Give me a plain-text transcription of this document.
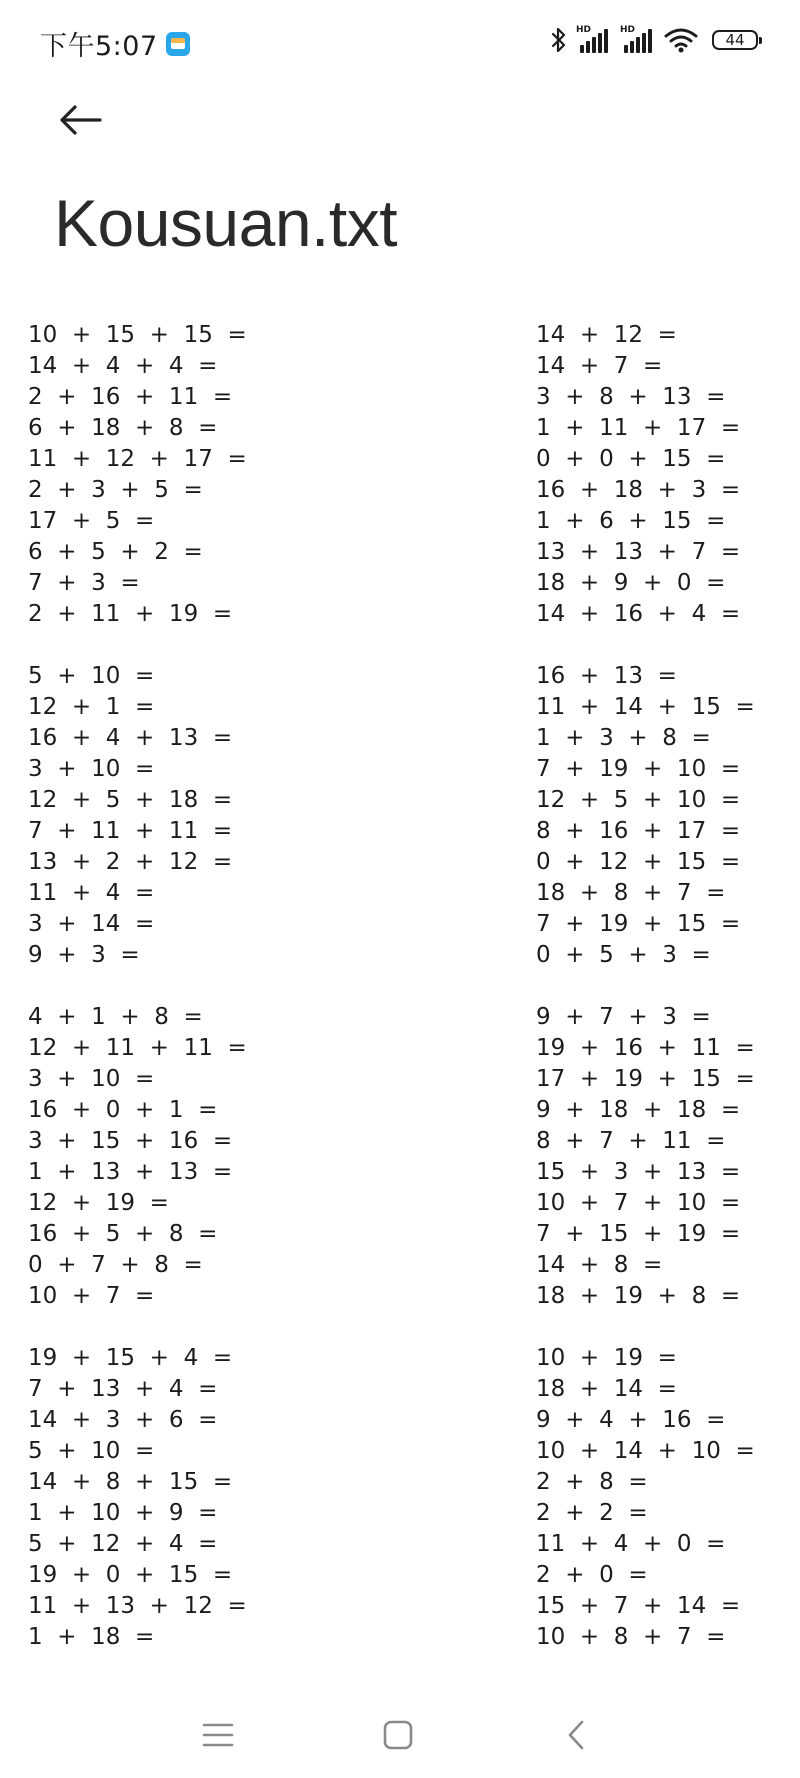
下午5:07
HD	HD
44
Kousuan.txt
10  +  15  +  15  =
14  +  4  +  4  =
2  +  16  +  11  =
6  +  18  +  8  =
11  +  12  +  17  =
2  +  3  +  5  =
17  +  5  =
6  +  5  +  2  =
7  +  3  =
2  +  11  +  19  =
5  +  10  =
12  +  1  =
16  +  4  +  13  =
3  +  10  =
12  +  5  +  18  =
7  +  11  +  11  =
13  +  2  +  12  =
11  +  4  =
3  +  14  =
9  +  3  =
4  +  1  +  8  =
12  +  11  +  11  =
3  +  10  =
16  +  0  +  1  =
3  +  15  +  16  =
1  +  13  +  13  =
12  +  19  =
16  +  5  +  8  =
0  +  7  +  8  =
10  +  7  =
19  +  15  +  4  =
7  +  13  +  4  =
14  +  3  +  6  =
5  +  10  =
14  +  8  +  15  =
1  +  10  +  9  =
5  +  12  +  4  =
19  +  0  +  15  =
11  +  13  +  12  =
1  +  18  =
14  +  12  =
14  +  7  =
3  +  8  +  13  =
1  +  11  +  17  =
0  +  0  +  15  =
16  +  18  +  3  =
1  +  6  +  15  =
13  +  13  +  7  =
18  +  9  +  0  =
14  +  16  +  4  =
16  +  13  =
11  +  14  +  15  =
1  +  3  +  8  =
7  +  19  +  10  =
12  +  5  +  10  =
8  +  16  +  17  =
0  +  12  +  15  =
18  +  8  +  7  =
7  +  19  +  15  =
0  +  5  +  3  =
9  +  7  +  3  =
19  +  16  +  11  =
17  +  19  +  15  =
9  +  18  +  18  =
8  +  7  +  11  =
15  +  3  +  13  =
10  +  7  +  10  =
7  +  15  +  19  =
14  +  8  =
18  +  19  +  8  =
10  +  19  =
18  +  14  =
9  +  4  +  16  =
10  +  14  +  10  =
2  +  8  =
2  +  2  =
11  +  4  +  0  =
2  +  0  =
15  +  7  +  14  =
10  +  8  +  7  =
